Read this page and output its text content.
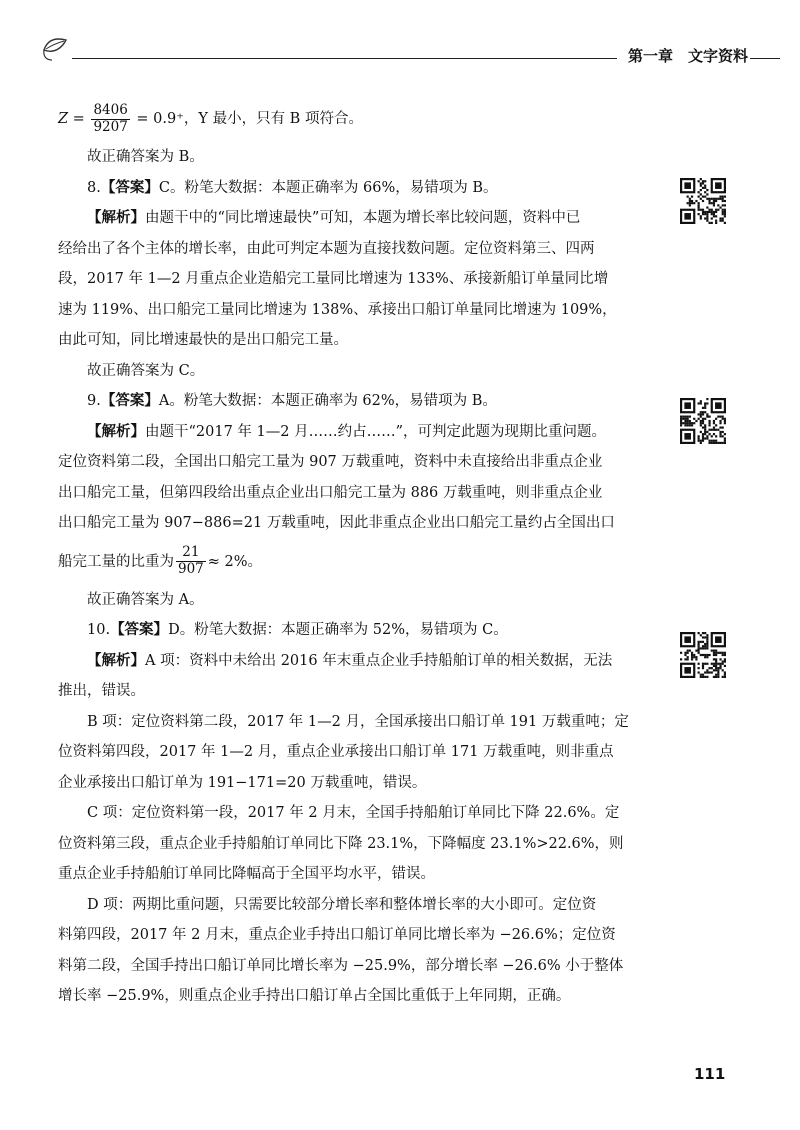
第一章　文字资料
$Z = \frac{8406}{9207} = 0.9^+$，Y 最小，只有 B 项符合。
故正确答案为 B。
8.【答案】C。粉笔大数据：本题正确率为 66%，易错项为 B。
【解析】由题干中的“同比增速最快”可知，本题为增长率比较问题，资料中已
经给出了各个主体的增长率，由此可判定本题为直接找数问题。定位资料第三、四两
段，2017 年 1—2 月重点企业造船完工量同比增速为 133%、承接新船订单量同比增
速为 119%、出口船完工量同比增速为 138%、承接出口船订单量同比增速为 109%，
由此可知，同比增速最快的是出口船完工量。
故正确答案为 C。
9.【答案】A。粉笔大数据：本题正确率为 62%，易错项为 B。
【解析】由题干“2017 年 1—2 月……约占……”，可判定此题为现期比重问题。
定位资料第二段，全国出口船完工量为 907 万载重吨，资料中未直接给出非重点企业
出口船完工量，但第四段给出重点企业出口船完工量为 886 万载重吨，则非重点企业
出口船完工量为 907−886=21 万载重吨，因此非重点企业出口船完工量约占全国出口
船完工量的比重为 $\frac{21}{907} \approx 2\%$。
故正确答案为 A。
10.【答案】D。粉笔大数据：本题正确率为 52%，易错项为 C。
【解析】A 项：资料中未给出 2016 年末重点企业手持船舶订单的相关数据，无法
推出，错误。
B 项：定位资料第二段，2017 年 1—2 月，全国承接出口船订单 191 万载重吨；定
位资料第四段，2017 年 1—2 月，重点企业承接出口船订单 171 万载重吨，则非重点
企业承接出口船订单为 191−171=20 万载重吨，错误。
C 项：定位资料第一段，2017 年 2 月末，全国手持船舶订单同比下降 22.6%。定
位资料第三段，重点企业手持船舶订单同比下降 23.1%，下降幅度 23.1%>22.6%，则
重点企业手持船舶订单同比降幅高于全国平均水平，错误。
D 项：两期比重问题，只需要比较部分增长率和整体增长率的大小即可。定位资
料第四段，2017 年 2 月末，重点企业手持出口船订单同比增长率为 −26.6%；定位资
料第二段，全国手持出口船订单同比增长率为 −25.9%，部分增长率 −26.6% 小于整体
增长率 −25.9%，则重点企业手持出口船订单占全国比重低于上年同期，正确。
111
